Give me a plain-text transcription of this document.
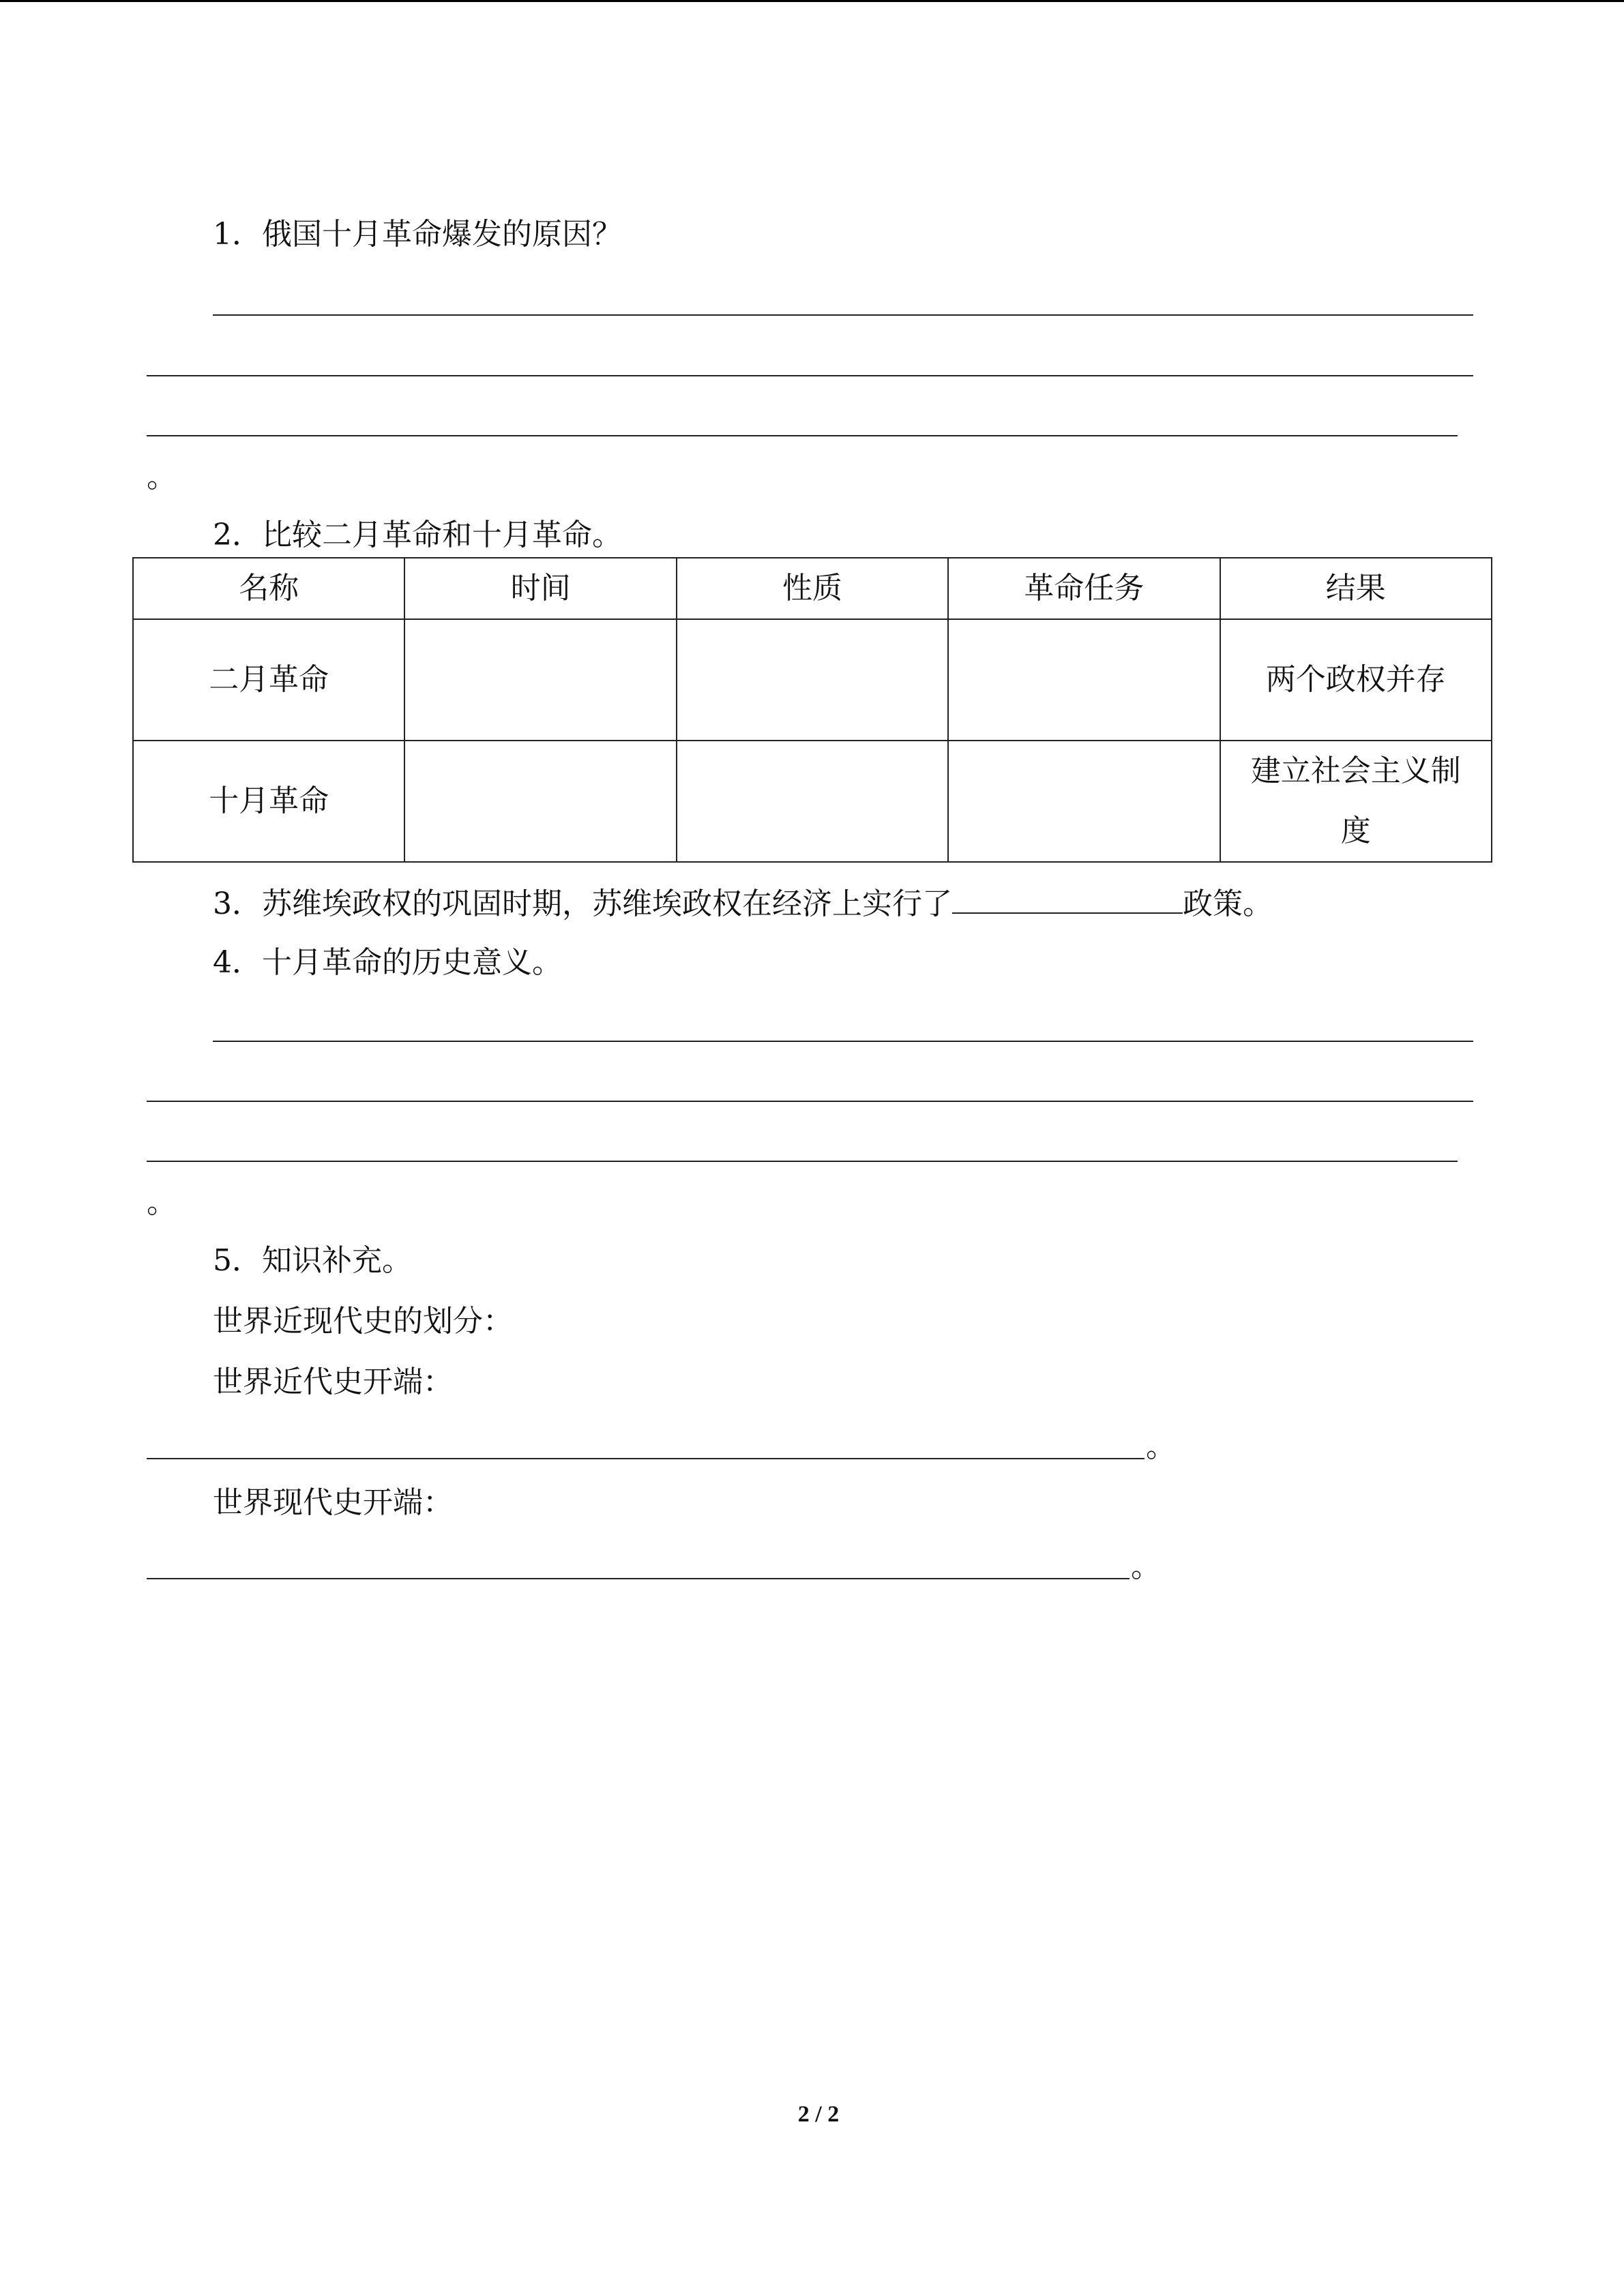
1．俄国十月革命爆发的原因？
。
2．比较二月革命和十月革命。
名称	时间	性质	革命任务	结果
二月革命				两个政权并存
十月革命				建立社会主义制度
3．苏维埃政权的巩固时期，苏维埃政权在经济上实行了	政策。
4．十月革命的历史意义。
。
5．知识补充。
世界近现代史的划分：
世界近代史开端：
。
世界现代史开端：
。
2 / 2
